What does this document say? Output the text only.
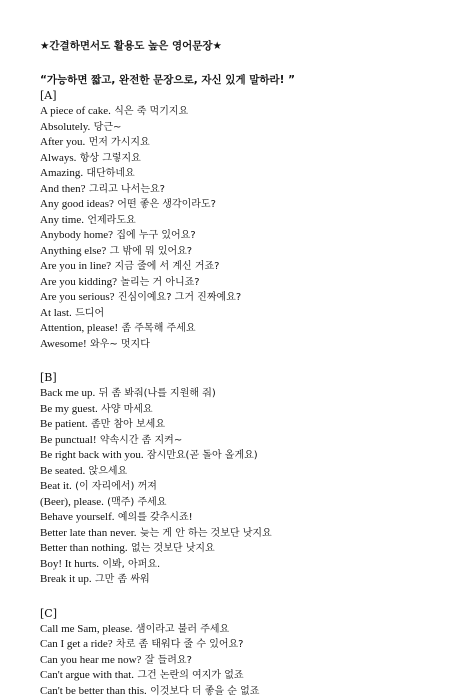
★간결하면서도 활용도 높은 영어문장★
“가능하면 짧고, 완전한 문장으로, 자신 있게 말하라! ”
[A]
A piece of cake. 식은 죽 먹기지요
Absolutely. 당근~
After you. 먼저 가시지요
Always. 항상 그렇지요
Amazing. 대단하네요
And then? 그리고 나서는요?
Any good ideas? 어떤 좋은 생각이라도?
Any time. 언제라도요
Anybody home? 집에 누구 있어요?
Anything else? 그 밖에 뭐 있어요?
Are you in line? 지금 줄에 서 계신 거죠?
Are you kidding? 놀리는 거 아니죠?
Are you serious? 진심이예요? 그거 진짜예요?
At last. 드디어
Attention, please! 좀 주목해 주세요
Awesome! 와우~ 멋지다
[B]
Back me up. 뒤 좀 봐줘(나를 지원해 줘)
Be my guest. 사양 마세요
Be patient. 좀만 참아 보세요
Be punctual! 약속시간 좀 지켜~
Be right back with you. 잠시만요(곧 돌아 올게요)
Be seated. 앉으세요
Beat it. (이 자리에서) 꺼져
(Beer), please. (맥주) 주세요
Behave yourself. 예의를 갖추시죠!
Better late than never. 늦는 게 안 하는 것보단 낫지요
Better than nothing. 없는 것보단 낫지요
Boy! It hurts. 이봐, 아퍼요.
Break it up. 그만 좀 싸워
[C]
Call me Sam, please. 샘이라고 불러 주세요
Can I get a ride? 차로 좀 태워다 줄 수 있어요?
Can you hear me now? 잘 들려요?
Can't argue with that. 그건 논란의 여지가 없죠
Can't be better than this. 이것보다 더 좋을 순 없죠
